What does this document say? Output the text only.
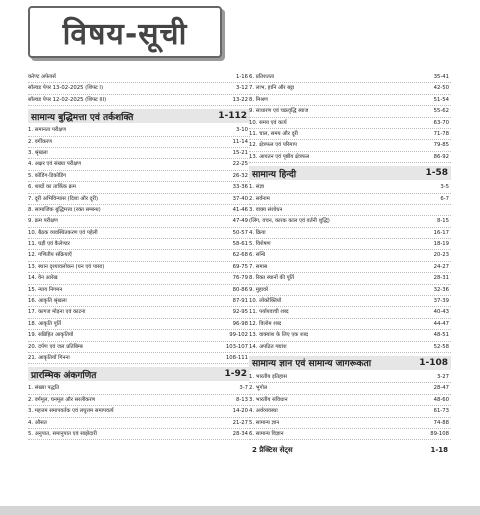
विषय-सूची
करेण्ट अफेयर्स	1-16
सॉल्वड पेपर 13-02-2025 (शिफ्ट I)	3-12
सॉल्वड पेपर 12-02-2025 (शिफ्ट III)	13-22
सामान्य बुद्धिमत्ता एवं तर्कशक्ति	1-112
1. समानता परीक्षण	3-10
2. वर्गीकरण	11-14
3. श्रृंखला	15-21
4. अक्षर एवं संख्या परीक्षण	22-25
5. कोडिंग-डिकोडिंग	26-32
6. शब्दों का तार्किक क्रम	33-36
7. दूरी अभिविन्यास (दिशा और दूरी)	37-40
8. सामाजिक बुद्धिमत्ता (रक्त सम्बन्ध)	41-46
9. क्रम परीक्षण	47-49
10. बैठक व्यवस्थितकरण एवं पहेली	50-57
11. घड़ी एवं कैलेण्डर	58-61
12. गणितीय संक्रियाएँ	62-68
13. स्थान दृश्यावलोकन (घन एवं पासा)	69-75
14. वेन आरेख	76-79
15. न्याय निगमन	80-86
16. आकृति श्रृंखला	87-91
17. कागज मोड़ना एवं काटना	92-95
18. आकृति पूर्ति	96-98
19. सन्निहित आकृतियाँ	99-102
20. दर्पण एवं जल प्रतिबिम्ब	103-107
21. आकृतियाँ गिनना	108-111
प्रारम्भिक अंकगणित	1-92
1. संख्या पद्धति	3-7
2. वर्गमूल, घनमूल और सरलीकरण	8-13
3. महत्तम समापवर्तक एवं लघुत्तम समापवर्त्य	14-20
4. औसत	21-27
5. अनुपात, समानुपात एवं साझेदारी	28-34
6. प्रतिशतता	35-41
7. लाभ, हानि और बट्टा	42-50
8. मिश्रण	51-54
9. साधारण एवं चक्रवृद्धि ब्याज	55-62
10. समय एवं कार्य	63-70
11. चाल, समय और दूरी	71-78
12. क्षेत्रफल एवं परिमाप	79-85
13. आयतन एवं पृष्ठीय क्षेत्रफल	86-92
सामान्य हिन्दी	1-58
1. संज्ञा	3-5
2. सर्वनाम	6-7
3. वाक्य संशोधन
(लिंग, वचन, कारक काल एवं वर्तनी शुद्धि)	8-15
4. क्रिया	16-17
5. विशेषण	18-19
6. सन्धि	20-23
7. समास	24-27
8. रिक्त स्थानों की पूर्ति	28-31
9. मुहावरे	32-36
10. लोकोक्तियाँ	37-39
11. पर्यायवाची शब्द	40-43
12. विलोम शब्द	44-47
13. वाक्यांश के लिए एक शब्द	48-51
14. अपठित गद्यांश	52-58
सामान्य ज्ञान एवं सामान्य जागरूकता	1-108
1. भारतीय इतिहास	3-27
2. भूगोल	28-47
3. भारतीय संविधान	48-60
4. अर्थव्यवस्था	61-73
5. सामान्य ज्ञान	74-88
6. सामान्य विज्ञान	89-108
2 प्रैक्टिस सेट्स	1-18
